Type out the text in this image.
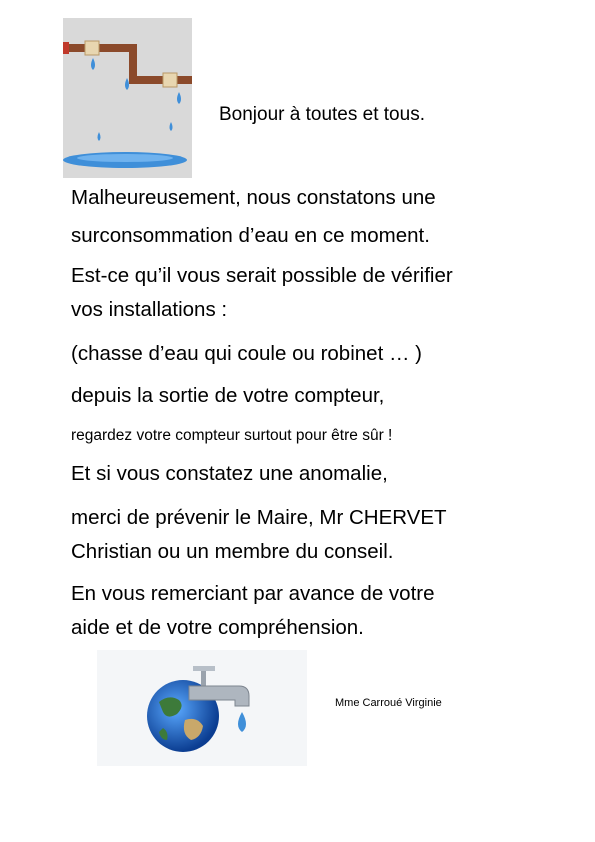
Bonjour à toutes et tous.
Malheureusement, nous constatons une
surconsommation d’eau en ce moment.
Est-ce qu’il vous serait possible de vérifier
vos installations :
(chasse d’eau qui coule ou robinet … )
depuis la sortie de votre compteur,
regardez votre compteur surtout pour être sûr !
Et si vous constatez une anomalie,
merci de prévenir le Maire, Mr CHERVET
Christian ou un membre du conseil.
En vous remerciant par avance de votre
aide et de votre compréhension.
Mme Carroué Virginie
